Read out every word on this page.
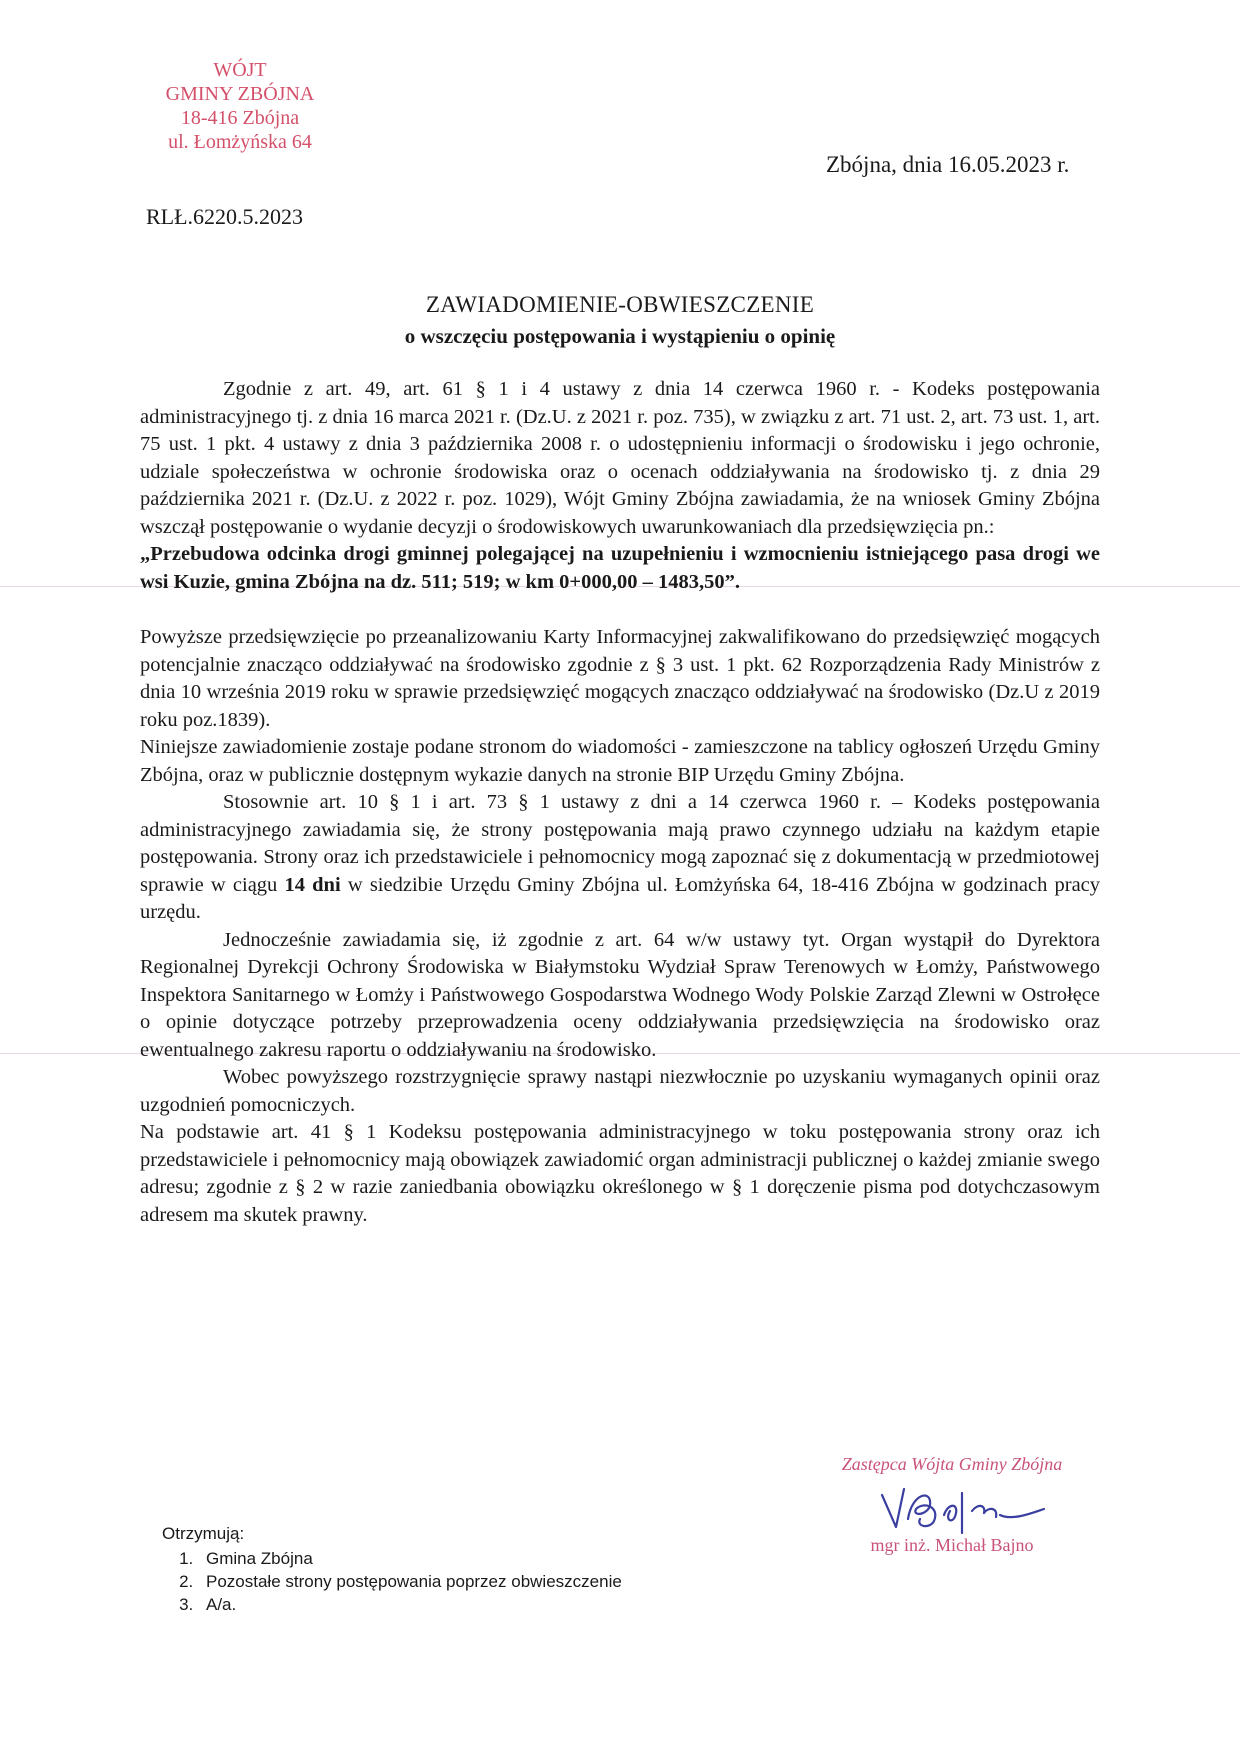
WÓJT
GMINY ZBÓJNA
18-416 Zbójna
ul. Łomżyńska 64
Zbójna, dnia 16.05.2023 r.
RLŁ.6220.5.2023
ZAWIADOMIENIE-OBWIESZCZENIE
o wszczęciu postępowania i wystąpieniu o opinię

Zgodnie z art. 49, art. 61 § 1 i 4 ustawy z dnia 14 czerwca 1960 r. - Kodeks postępowania administracyjnego tj. z dnia 16 marca 2021 r. (Dz.U. z 2021 r. poz. 735), w związku z art. 71 ust. 2, art. 73 ust. 1, art. 75 ust. 1 pkt. 4 ustawy z dnia 3 października 2008 r. o udostępnieniu informacji o środowisku i jego ochronie, udziale społeczeństwa w ochronie środowiska oraz o ocenach oddziaływania na środowisko tj. z dnia 29 października 2021 r. (Dz.U. z 2022 r. poz. 1029), Wójt Gminy Zbójna zawiadamia, że na wniosek Gminy Zbójna wszczął postępowanie o wydanie decyzji o środowiskowych uwarunkowaniach dla przedsięwzięcia pn.:

„Przebudowa odcinka drogi gminnej polegającej na uzupełnieniu i wzmocnieniu istniejącego pasa drogi we wsi Kuzie, gmina Zbójna na dz. 511; 519; w km 0+000,00 – 1483,50”.

Powyższe przedsięwzięcie po przeanalizowaniu Karty Informacyjnej zakwalifikowano do przedsięwzięć mogących potencjalnie znacząco oddziaływać na środowisko zgodnie z § 3 ust. 1 pkt. 62 Rozporządzenia Rady Ministrów z dnia 10 września 2019 roku w sprawie przedsięwzięć mogących znacząco oddziaływać na środowisko (Dz.U z 2019 roku poz.1839).

Niniejsze zawiadomienie zostaje podane stronom do wiadomości - zamieszczone na tablicy ogłoszeń Urzędu Gminy Zbójna, oraz w publicznie dostępnym wykazie danych na stronie BIP Urzędu Gminy Zbójna.

Stosownie art. 10 § 1 i art. 73 § 1 ustawy z dni a 14 czerwca 1960 r. – Kodeks postępowania administracyjnego zawiadamia się, że strony postępowania mają prawo czynnego udziału na każdym etapie postępowania. Strony oraz ich przedstawiciele i pełnomocnicy mogą zapoznać się z dokumentacją w przedmiotowej sprawie w ciągu 14 dni w siedzibie Urzędu Gminy Zbójna ul. Łomżyńska 64, 18-416 Zbójna w godzinach pracy urzędu.

Jednocześnie zawiadamia się, iż zgodnie z art. 64 w/w ustawy tyt. Organ wystąpił do Dyrektora Regionalnej Dyrekcji Ochrony Środowiska w Białymstoku Wydział Spraw Terenowych w Łomży, Państwowego Inspektora Sanitarnego w Łomży i Państwowego Gospodarstwa Wodnego Wody Polskie Zarząd Zlewni w Ostrołęce o opinie dotyczące potrzeby przeprowadzenia oceny oddziaływania przedsięwzięcia na środowisko oraz ewentualnego zakresu raportu o oddziaływaniu na środowisko.

Wobec powyższego rozstrzygnięcie sprawy nastąpi niezwłocznie po uzyskaniu wymaganych opinii oraz uzgodnień pomocniczych.

Na podstawie art. 41 § 1 Kodeksu postępowania administracyjnego w toku postępowania strony oraz ich przedstawiciele i pełnomocnicy mają obowiązek zawiadomić organ administracji publicznej o każdej zmianie swego adresu; zgodnie z § 2 w razie zaniedbania obowiązku określonego w § 1 doręczenie pisma pod dotychczasowym adresem ma skutek prawny.

Zastępca Wójta Gminy Zbójna
mgr inż. Michał Bajno
Otrzymują:
1. Gmina Zbójna
2. Pozostałe strony postępowania poprzez obwieszczenie
3. A/a.
